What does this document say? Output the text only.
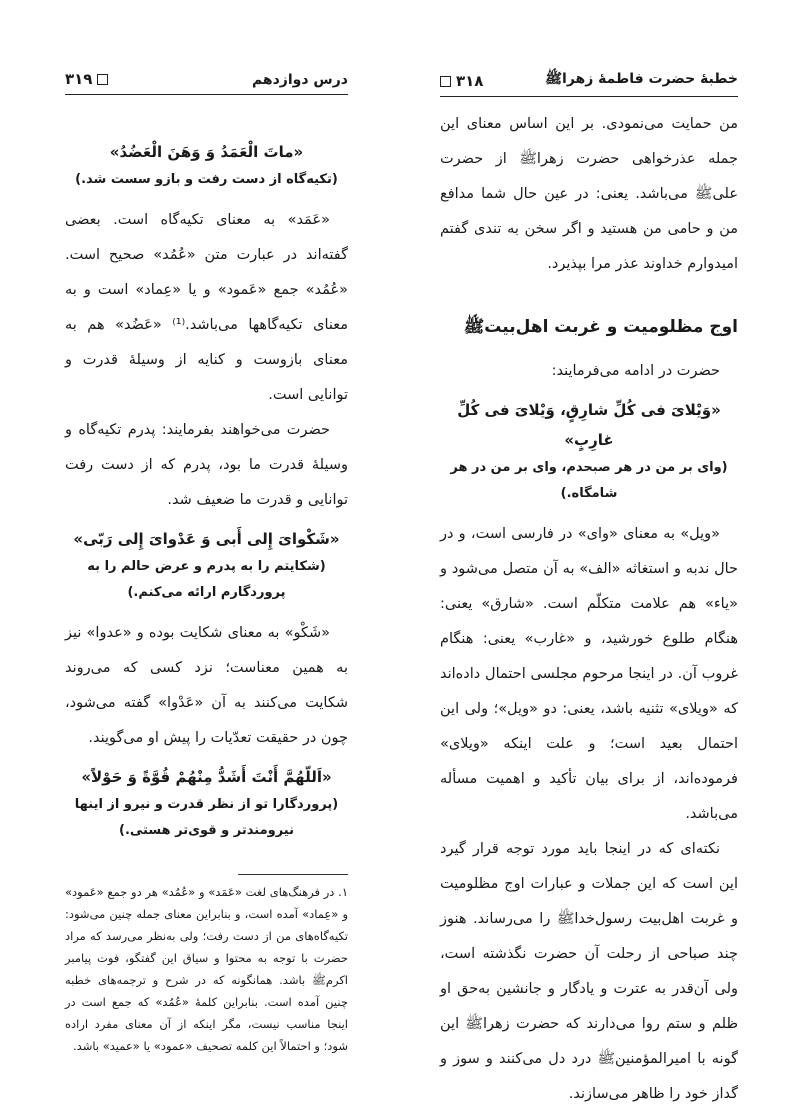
خطبهٔ حضرت فاطمهٔ زهراﷺ
۳۱۸

من حمایت می‌نمودی. بر این اساس معنای این جمله عذرخواهی حضرت زهراﷺ از حضرت علیﷺ می‌باشد. یعنی: در عین حال شما مدافع من و حامی من هستید و اگر سخن به تندی گفتم امیدوارم خداوند عذر مرا بپذیرد.

اوج مظلومیت و غربت اهل‌بیتﷺ

حضرت در ادامه می‌فرمایند:

«وَیْلایَ فی کُلِّ شارِقٍ، وَیْلایَ فی کُلِّ غارِبٍ»

(وای بر من در هر صبحدم، وای بر من در هر شامگاه.)

«ویل» به معنای «وای» در فارسی است، و در حال ندبه و استغاثه «الف» به آن متصل می‌شود و «یاء» هم علامت متکلّم است. «شارق» یعنی: هنگام طلوع خورشید، و «غارب» یعنی: هنگام غروب آن. در اینجا مرحوم مجلسی احتمال داده‌اند که «ویلای» تثنیه باشد، یعنی: دو «ویل»؛ ولی این احتمال بعید است؛ و علت اینکه «ویلای» فرموده‌اند، از برای بیان تأکید و اهمیت مسأله می‌باشد.

نکته‌ای که در اینجا باید مورد توجه قرار گیرد این است که این جملات و عبارات اوج مظلومیت و غربت اهل‌بیت رسول‌خداﷺ را می‌رساند. هنوز چند صباحی از رحلت آن حضرت نگذشته است، ولی آن‌قدر به عترت و یادگار و جانشین به‌حق او ظلم و ستم روا می‌دارند که حضرت زهراﷺ این گونه با امیرالمؤمنینﷺ درد دل می‌کنند و سوز و گداز خود را ظاهر می‌سازند.

درس دوازدهم
۳۱۹

«ماتَ الْعَمَدُ وَ وَهَنَ الْعَضُدُ»

(تکیه‌گاه از دست رفت و بازو سست شد.)

«عَمَد» به معنای تکیه‌گاه است. بعضی گفته‌اند در عبارت متن «عُمُد» صحیح است. «عُمُد» جمع «عَمود» و یا «عِماد» است و به معنای تکیه‌گاهها می‌باشد.⁽¹⁾ «عَضُد» هم به معنای بازوست و کنایه از وسیلهٔ قدرت و توانایی است.

حضرت می‌خواهند بفرمایند: پدرم تکیه‌گاه و وسیلهٔ قدرت ما بود، پدرم که از دست رفت توانایی و قدرت ما ضعیف شد.

«شَکْوایَ إِلی أَبی وَ عَدْوایَ إِلی رَبّی»

(شکایتم را به پدرم و عرض حالم را به پروردگارم ارائه می‌کنم.)

«شَکْو» به معنای شکایت بوده و «عدوا» نیز به همین معناست؛ نزد کسی که می‌روند شکایت می‌کنند به آن «عَدْوا» گفته می‌شود، چون در حقیقت تعدّیات را پیش او می‌گویند.

«اَللّهُمَّ أَنْتَ أَشَدُّ مِنْهُمْ قُوَّةً وَ حَوْلاً»

(پروردگارا تو از نظر قدرت و نیرو از اینها نیرومندتر و قوی‌تر هستی.)

۱. در فرهنگ‌های لغت «عَمَد» و «عُمُد» هر دو جمع «عَمود» و «عِماد» آمده است، و بنابراین معنای جمله چنین می‌شود: تکیه‌گاه‌های من از دست رفت؛ ولی به‌نظر می‌رسد که مراد حضرت با توجه به محتوا و سیاق این گفتگو، فوت پیامبر اکرمﷺ باشد. همانگونه که در شرح و ترجمه‌های خطبه چنین آمده است. بنابراین کلمهٔ «عُمُد» که جمع است در اینجا مناسب نیست، مگر اینکه از آن معنای مفرد اراده شود؛ و احتمالاً این کلمه تصحیف «عمود» یا «عمید» باشد.
